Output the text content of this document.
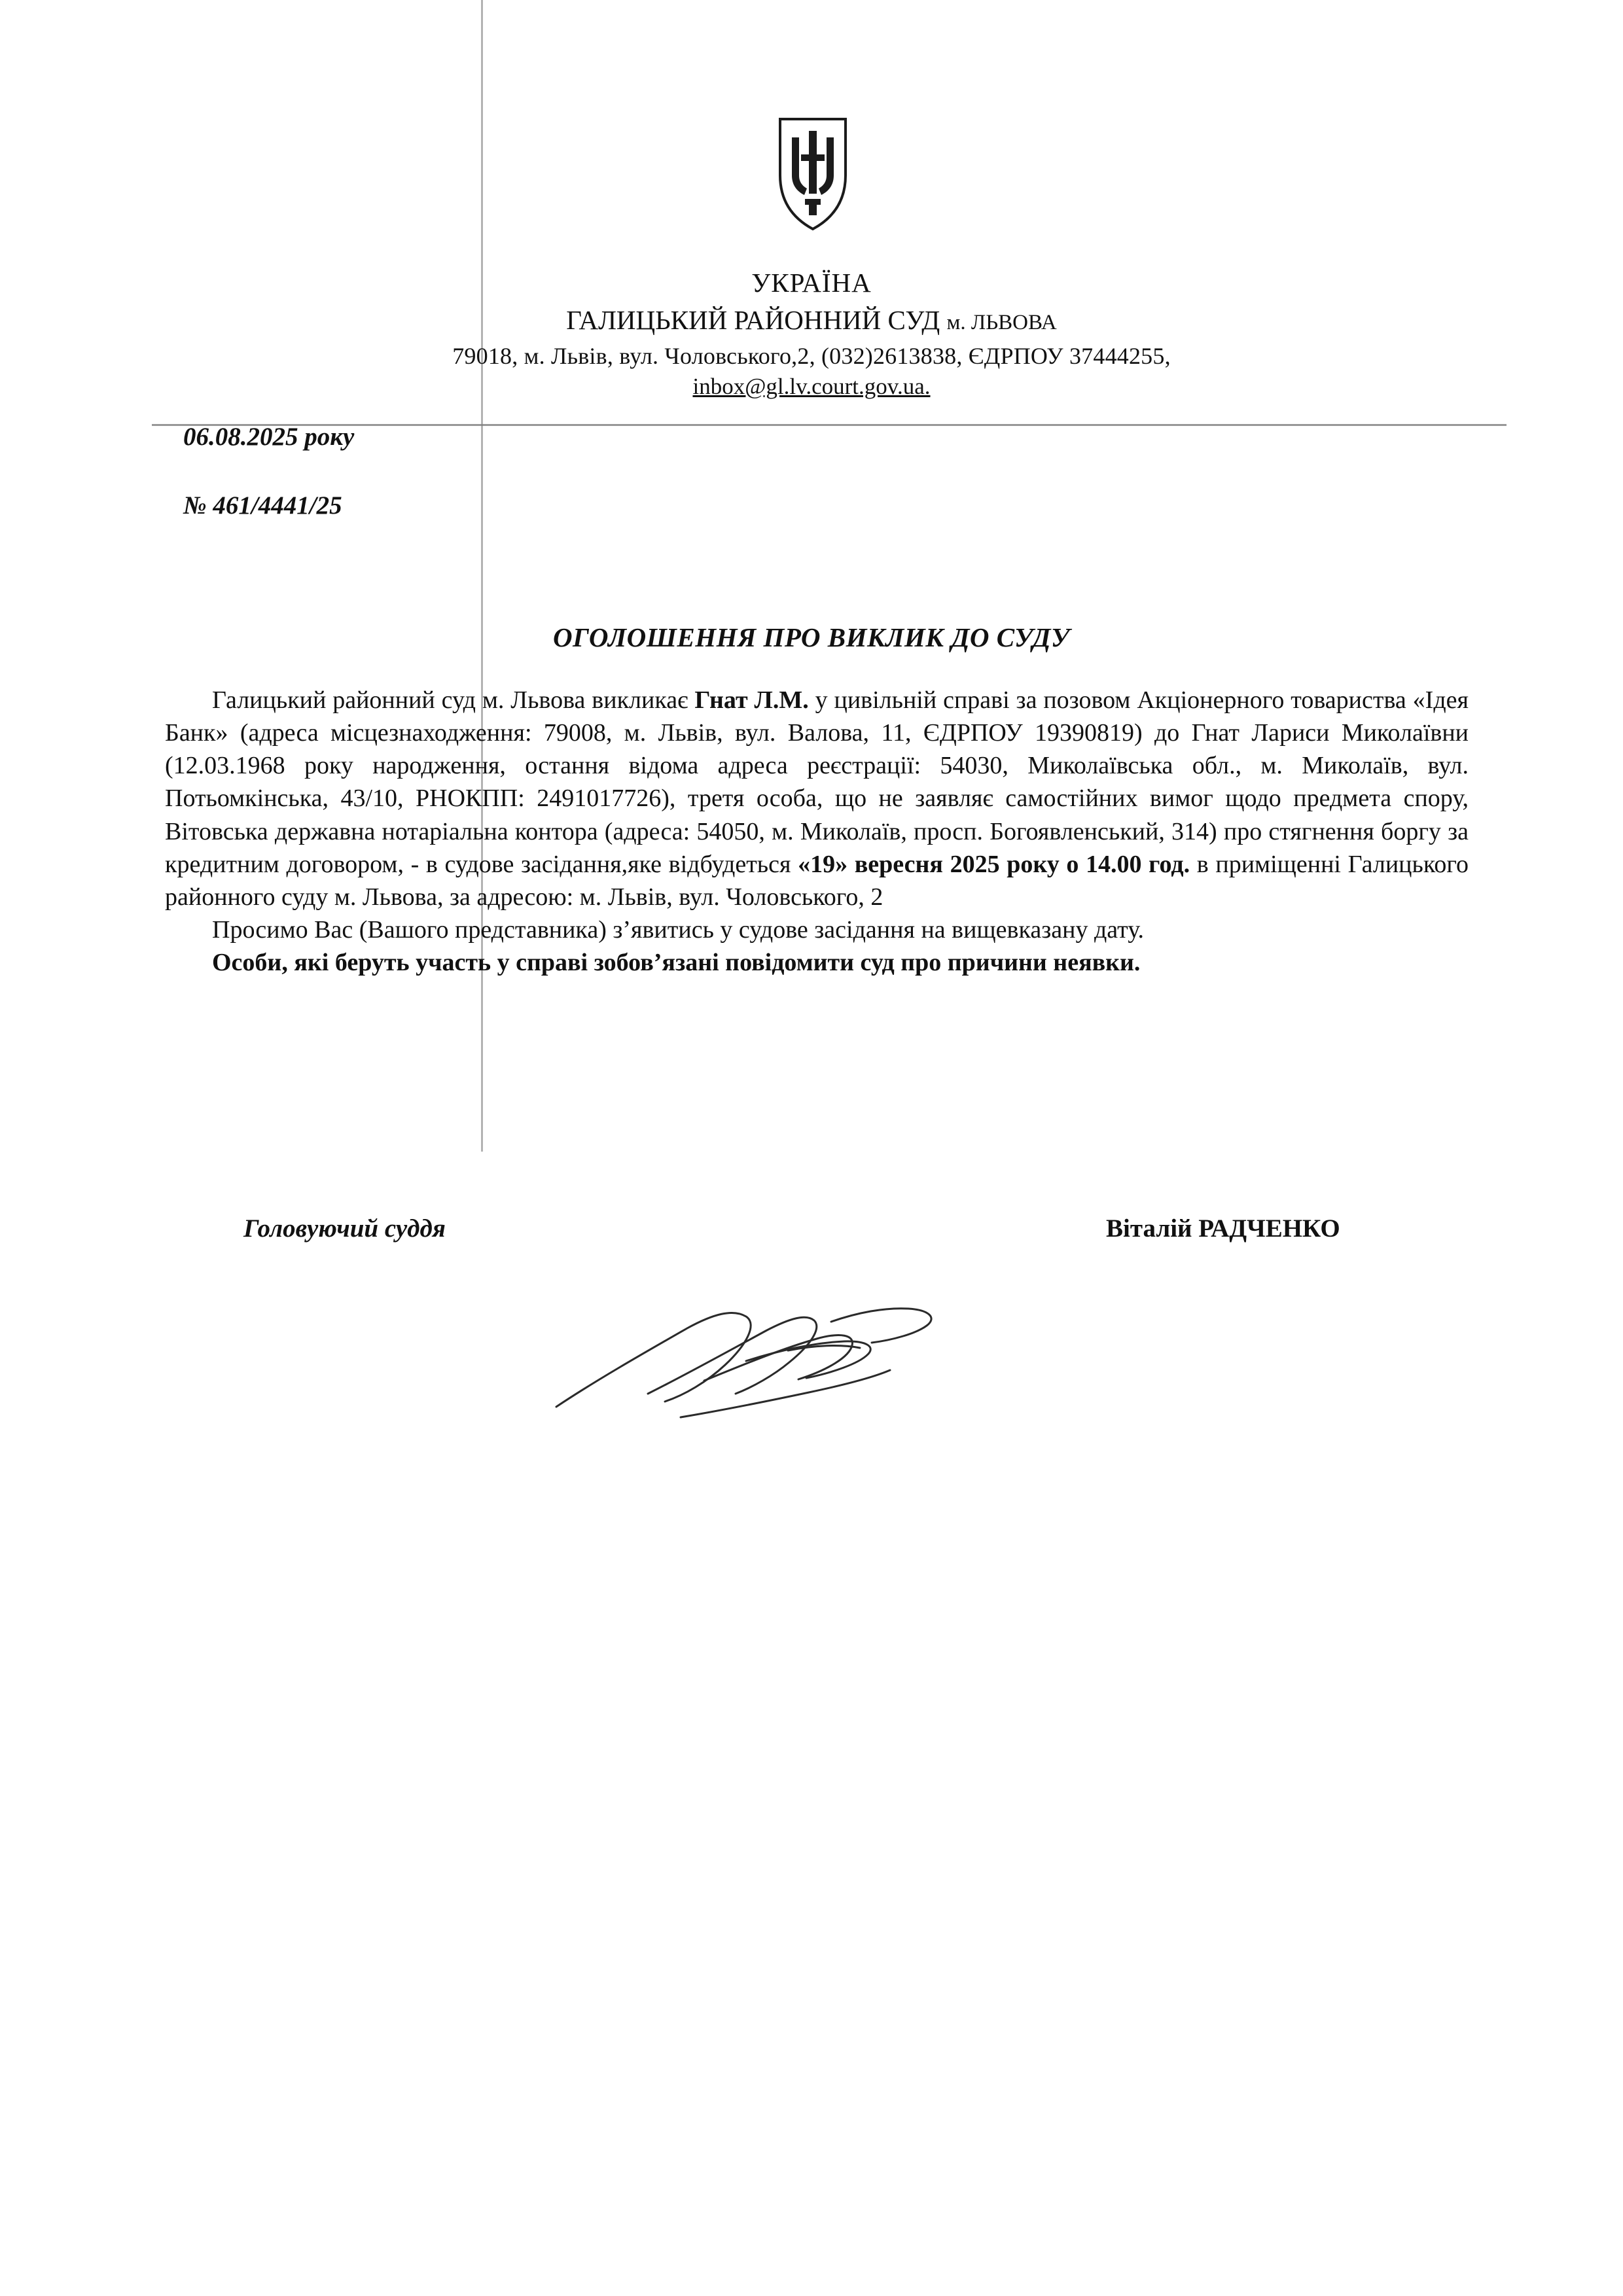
УКРАЇНА
ГАЛИЦЬКИЙ РАЙОННИЙ СУД м. ЛЬВОВА
79018, м. Львів, вул. Чоловського,2, (032)2613838, ЄДРПОУ 37444255,
inbox@gl.lv.court.gov.ua.
06.08.2025 року
№ 461/4441/25
ОГОЛОШЕННЯ ПРО ВИКЛИК ДО СУДУ

Галицький районний суд м. Львова викликає Гнат Л.М. у цивільній справі за позовом Акціонерного товариства «Ідея Банк» (адреса місцезнаходження: 79008, м. Львів, вул. Валова, 11, ЄДРПОУ 19390819) до Гнат Лариси Миколаївни (12.03.1968 року народження, остання відома адреса реєстрації: 54030, Миколаївська обл., м. Миколаїв, вул. Потьомкінська, 43/10, РНОКПП: 2491017726), третя особа, що не заявляє самостійних вимог щодо предмета спору, Вітовська державна нотаріальна контора (адреса: 54050, м. Миколаїв, просп. Богоявленський, 314) про стягнення боргу за кредитним договором, - в судове засідання,яке відбудеться «19» вересня 2025 року о 14.00 год. в приміщенні Галицького районного суду м. Львова, за адресою: м. Львів, вул. Чоловського, 2

Просимо Вас (Вашого представника) з’явитись у судове засідання на вищевказану дату.

Особи, які беруть участь у справі зобов’язані повідомити суд про причини неявки.

Головуючий суддя	Віталій РАДЧЕНКО
